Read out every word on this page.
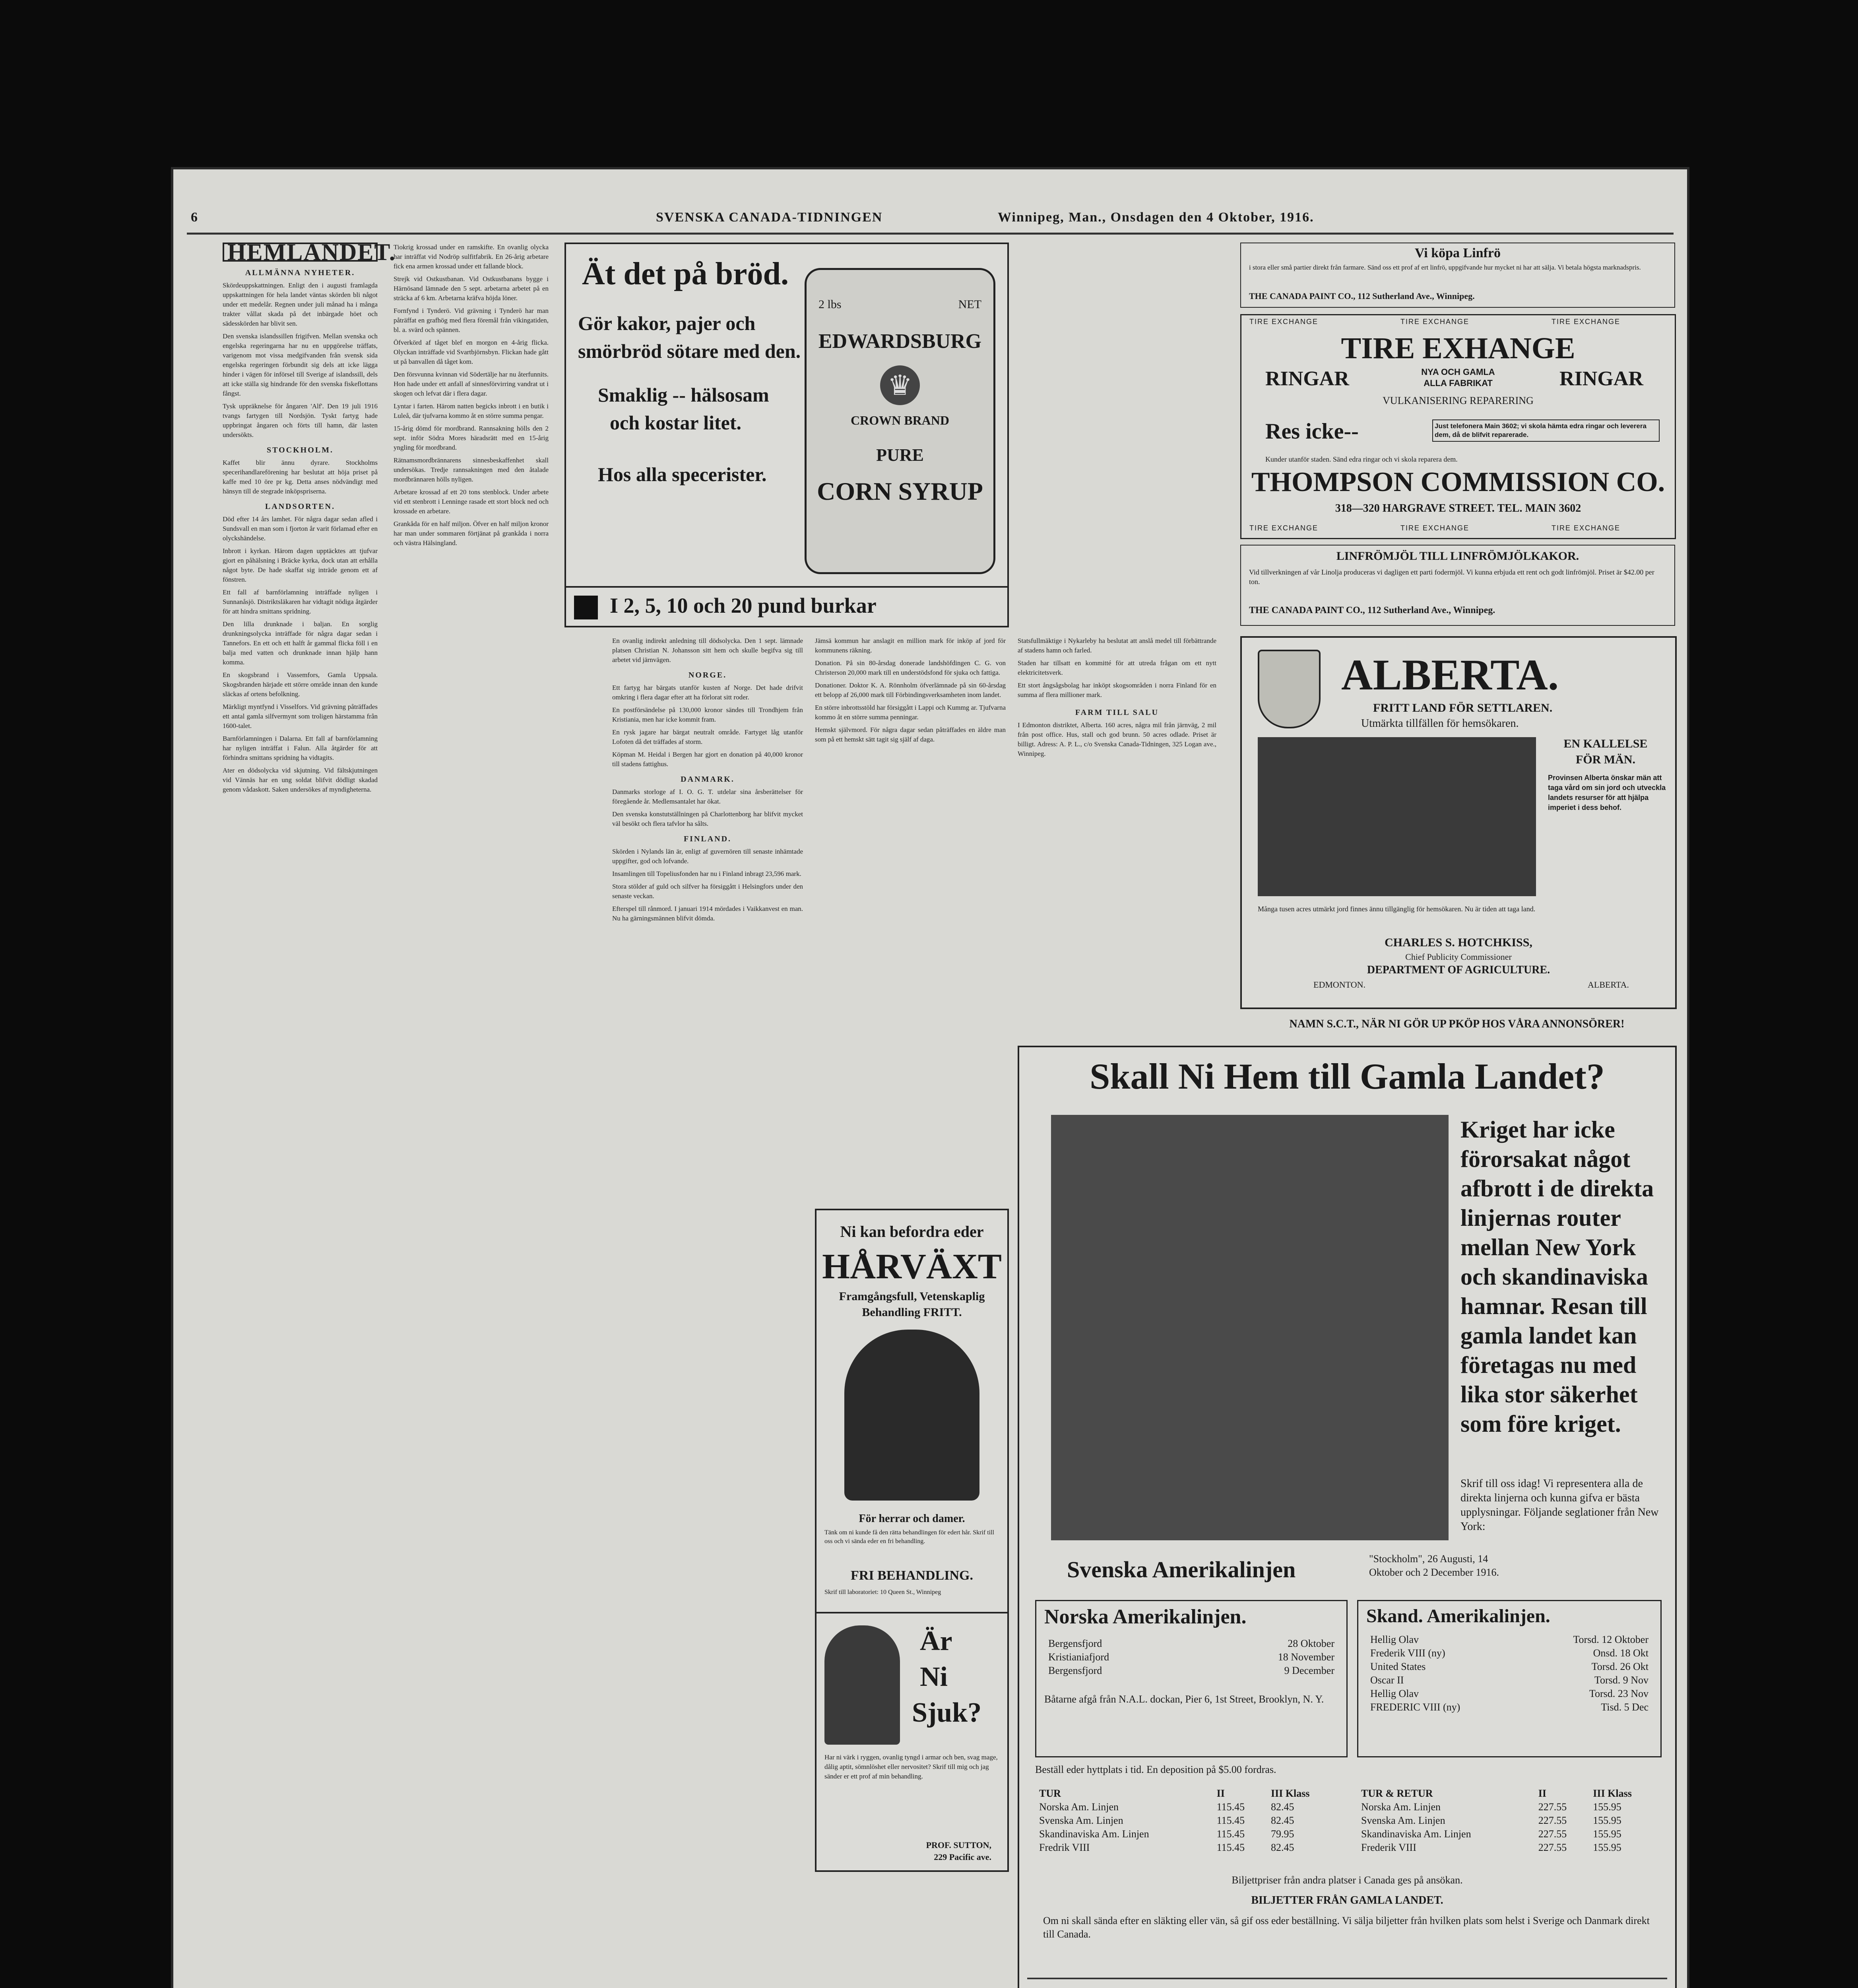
6	SVENSKA CANADA-TIDNINGEN	Winnipeg, Man., Onsdagen den 4 Oktober, 1916.
HEMLANDET.
ALLMÄNNA NYHETER.

Skördeuppskattningen. Enligt den i augusti framlagda uppskattningen för hela landet väntas skörden bli något under ett medelår. Regnen under juli månad ha i många trakter vållat skada på det inbärgade höet och sädesskörden har blivit sen.

Den svenska islandssillen frigifven. Mellan svenska och engelska regeringarna har nu en uppgörelse träffats, varigenom mot vissa medgifvanden från svensk sida engelska regeringen förbundit sig dels att icke lägga hinder i vägen för införsel till Sverige af islandssill, dels att icke ställa sig hindrande för den svenska fiskeflottans fångst.

Tysk uppräknelse för ångaren 'Alf'. Den 19 juli 1916 tvangs fartygen till Nordsjön. Tyskt fartyg hade uppbringat ångaren och förts till hamn, där lasten undersökts.

STOCKHOLM.

Kaffet blir ännu dyrare. Stockholms specerihandlareförening har beslutat att höja priset på kaffe med 10 öre pr kg. Detta anses nödvändigt med hänsyn till de stegrade inköpspriserna.

LANDSORTEN.

Död efter 14 års lamhet. För några dagar sedan afled i Sundsvall en man som i fjorton år varit förlamad efter en olyckshändelse.

Inbrott i kyrkan. Härom dagen upptäcktes att tjufvar gjort en påhälsning i Bräcke kyrka, dock utan att erhålla något byte. De hade skaffat sig inträde genom ett af fönstren.

Ett fall af barnförlamning inträffade nyligen i Sunnanåsjö. Distriktsläkaren har vidtagit nödiga åtgärder för att hindra smittans spridning.

Den lilla drunknade i baljan. En sorglig drunkningsolycka inträffade för några dagar sedan i Tannefors. En ett och ett halft år gammal flicka föll i en balja med vatten och drunknade innan hjälp hann komma.

En skogsbrand i Vassemfors, Gamla Uppsala. Skogsbranden härjade ett större område innan den kunde släckas af ortens befolkning.

Märkligt myntfynd i Visselfors. Vid grävning påträffades ett antal gamla silfvermynt som troligen härstamma från 1600-talet.

Barnförlamningen i Dalarna. Ett fall af barnförlamning har nyligen inträffat i Falun. Alla åtgärder för att förhindra smittans spridning ha vidtagits.

Ater en dödsolycka vid skjutning. Vid fältskjutningen vid Vännäs har en ung soldat blifvit dödligt skadad genom vådaskott. Saken undersökes af myndigheterna.

Tiokrig krossad under en ramskifte. En ovanlig olycka har inträffat vid Nodröp sulfitfabrik. En 26-årig arbetare fick ena armen krossad under ett fallande block.

Strejk vid Ostkustbanan. Vid Ostkustbanans bygge i Härnösand lämnade den 5 sept. arbetarna arbetet på en sträcka af 6 km. Arbetarna kräfva höjda löner.

Fornfynd i Tynderö. Vid grävning i Tynderö har man påträffat en grafhög med flera föremål från vikingatiden, bl. a. svärd och spännen.

Öfverkörd af tåget blef en morgon en 4-årig flicka. Olyckan inträffade vid Svartbjörnsbyn. Flickan hade gått ut på banvallen då tåget kom.

Den försvunna kvinnan vid Södertälje har nu återfunnits. Hon hade under ett anfall af sinnesförvirring vandrat ut i skogen och lefvat där i flera dagar.

Lyntar i farten. Härom natten begicks inbrott i en butik i Luleå, där tjufvarna kommo åt en större summa pengar.

15-årig dömd för mordbrand. Rannsakning hölls den 2 sept. inför Södra Mores häradsrätt med en 15-årig yngling för mordbrand.

Rätnamsmordbrännarens sinnesbeskaffenhet skall undersökas. Tredje rannsakningen med den åtalade mordbrännaren hölls nyligen.

Arbetare krossad af ett 20 tons stenblock. Under arbete vid ett stenbrott i Lenninge rasade ett stort block ned och krossade en arbetare.

Grankåda för en half miljon. Öfver en half miljon kronor har man under sommaren förtjänat på grankåda i norra och västra Hälsingland.

Ät det på bröd.
Gör kakor, pajer och
smörbröd sötare med den.
Smaklig -- hälsosam
och kostar litet.
Hos alla specerister.
2 lbs	NET
EDWARDSBURG
♛
CROWN BRAND
PURE
CORN SYRUP
I 2, 5, 10 och 20 pund burkar

En ovanlig indirekt anledning till dödsolycka. Den 1 sept. lämnade platsen Christian N. Johansson sitt hem och skulle begifva sig till arbetet vid järnvägen.

NORGE.

Ett fartyg har bärgats utanför kusten af Norge. Det hade drifvit omkring i flera dagar efter att ha förlorat sitt roder.

En postförsändelse på 130,000 kronor sändes till Trondhjem från Kristiania, men har icke kommit fram.

En rysk jagare har bärgat neutralt område. Fartyget låg utanför Lofoten då det träffades af storm.

Köpman M. Heidal i Bergen har gjort en donation på 40,000 kronor till stadens fattighus.

DANMARK.

Danmarks storloge af I. O. G. T. utdelar sina årsberättelser för föregående år. Medlemsantalet har ökat.

Den svenska konstutställningen på Charlottenborg har blifvit mycket väl besökt och flera tafvlor ha sålts.

FINLAND.

Skörden i Nylands län är, enligt af guvernören till senaste inhämtade uppgifter, god och lofvande.

Insamlingen till Topeliusfonden har nu i Finland inbragt 23,596 mark.

Stora stölder af guld och silfver ha försiggått i Helsingfors under den senaste veckan.

Efterspel till rånmord. I januari 1914 mördades i Vaikkanvest en man. Nu ha gärningsmännen blifvit dömda.

Jämsä kommun har anslagit en million mark för inköp af jord för kommunens räkning.

Donation. På sin 80-årsdag donerade landshöfdingen C. G. von Christerson 20,000 mark till en understödsfond för sjuka och fattiga.

Donationer. Doktor K. A. Rönnholm öfverlämnade på sin 60-årsdag ett belopp af 26,000 mark till Förbindingsverksamheten inom landet.

En större inbrottsstöld har försiggått i Lappi och Kummg ar. Tjufvarna kommo åt en större summa penningar.

Hemskt självmord. För några dagar sedan påträffades en äldre man som på ett hemskt sätt tagit sig själf af daga.

Ni kan befordra eder
HÅRVÄXT
Framgångsfull, Vetenskaplig
Behandling FRITT.
För herrar och damer.
Tänk om ni kunde få den rätta behandlingen för edert hår. Skrif till oss och vi sända eder en fri behandling.
FRI BEHANDLING.
Skrif till laboratoriet: 10 Queen St., Winnipeg
Är
Ni
Sjuk?
Har ni värk i ryggen, ovanlig tyngd i armar och ben, svag mage, dålig aptit, sömnlöshet eller nervositet? Skrif till mig och jag sänder er ett prof af min behandling.
PROF. SUTTON,
229 Pacific ave.

Statsfullmäktige i Nykarleby ha beslutat att anslå medel till förbättrande af stadens hamn och farled.

Staden har tillsatt en kommitté för att utreda frågan om ett nytt elektricitetsverk.

Ett stort ångsågsbolag har inköpt skogsområden i norra Finland för en summa af flera millioner mark.

FARM TILL SALU

I Edmonton distriktet, Alberta. 160 acres, några mil från järnväg, 2 mil från post office. Hus, stall och god brunn. 50 acres odlade. Priset är billigt. Adress: A. P. L., c/o Svenska Canada-Tidningen, 325 Logan ave., Winnipeg.

Vi köpa Linfrö
i stora eller små partier direkt från farmare. Sänd oss ett prof af ert linfrö, uppgifvande hur mycket ni har att sälja. Vi betala högsta marknadspris.
THE CANADA PAINT CO., 112 Sutherland Ave., Winnipeg.
TIRE EXCHANGE	TIRE EXCHANGE	TIRE EXCHANGE
TIRE EXHANGE
RINGAR	NYA OCH GAMLA
ALLA FABRIKAT	RINGAR
VULKANISERING REPARERING
Res icke--	Just telefonera Main 3602; vi skola hämta edra ringar och leverera dem, då de blifvit reparerade.
Kunder utanför staden. Sänd edra ringar och vi skola reparera dem.
THOMPSON COMMISSION CO.
318—320 HARGRAVE STREET. TEL. MAIN 3602
TIRE EXCHANGE	TIRE EXCHANGE	TIRE EXCHANGE
LINFRÖMJÖL TILL LINFRÖMJÖLKAKOR.
Vid tillverkningen af vår Linolja produceras vi dagligen ett parti fodermjöl. Vi kunna erbjuda ett rent och godt linfrömjöl. Priset är $42.00 per ton.
THE CANADA PAINT CO., 112 Sutherland Ave., Winnipeg.
ALBERTA.
FRITT LAND FÖR SETTLAREN.
Utmärkta tillfällen för hemsökaren.
EN KALLELSE
FÖR MÄN.
Provinsen Alberta önskar män att taga vård om sin jord och utveckla landets resurser för att hjälpa imperiet i dess behof.
Många tusen acres utmärkt jord finnes ännu tillgänglig för hemsökaren. Nu är tiden att taga land.
CHARLES S. HOTCHKISS,
Chief Publicity Commissioner
DEPARTMENT OF AGRICULTURE.
EDMONTON.	ALBERTA.
NAMN S.C.T., NÄR NI GÖR UP PKÖP HOS VÅRA ANNONSÖRER!
Skall Ni Hem till Gamla Landet?
Kriget har icke förorsakat något afbrott i de direkta linjernas router mellan New York och skandinaviska hamnar. Resan till gamla landet kan företagas nu med lika stor säkerhet som före kriget.
Skrif till oss idag! Vi representera alla de direkta linjerna och kunna gifva er bästa upplysningar. Följande seglationer från New York:
Svenska Amerikalinjen	"Stockholm", 26 Augusti, 14 Oktober och 2 December 1916.
Norska Amerikalinjen.
Bergensfjord	28 Oktober
Kristianiafjord	18 November
Bergensfjord	9 December
Båtarne afgå från N.A.L. dockan, Pier 6, 1st Street, Brooklyn, N. Y.
Skand. Amerikalinjen.
Hellig Olav	Torsd. 12 Oktober
Frederik VIII (ny)	Onsd. 18 Okt
United States	Torsd. 26 Okt
Oscar II	Torsd. 9 Nov
Hellig Olav	Torsd. 23 Nov
FREDERIC VIII (ny)	Tisd. 5 Dec
Beställ eder hyttplats i tid. En deposition på $5.00 fordras.
TUR	II	III Klass
Norska Am. Linjen	115.45	82.45
Svenska Am. Linjen	115.45	82.45
Skandinaviska Am. Linjen	115.45	79.95
Fredrik VIII	115.45	82.45
TUR & RETUR	II	III Klass
Norska Am. Linjen	227.55	155.95
Svenska Am. Linjen	227.55	155.95
Skandinaviska Am. Linjen	227.55	155.95
Frederik VIII	227.55	155.95
Biljettpriser från andra platser i Canada ges på ansökan.
BILJETTER FRÅN GAMLA LANDET.
Om ni skall sända efter en släkting eller vän, så gif oss eder beställning. Vi sälja biljetter från hvilken plats som helst i Sverige och Danmark direkt till Canada.
